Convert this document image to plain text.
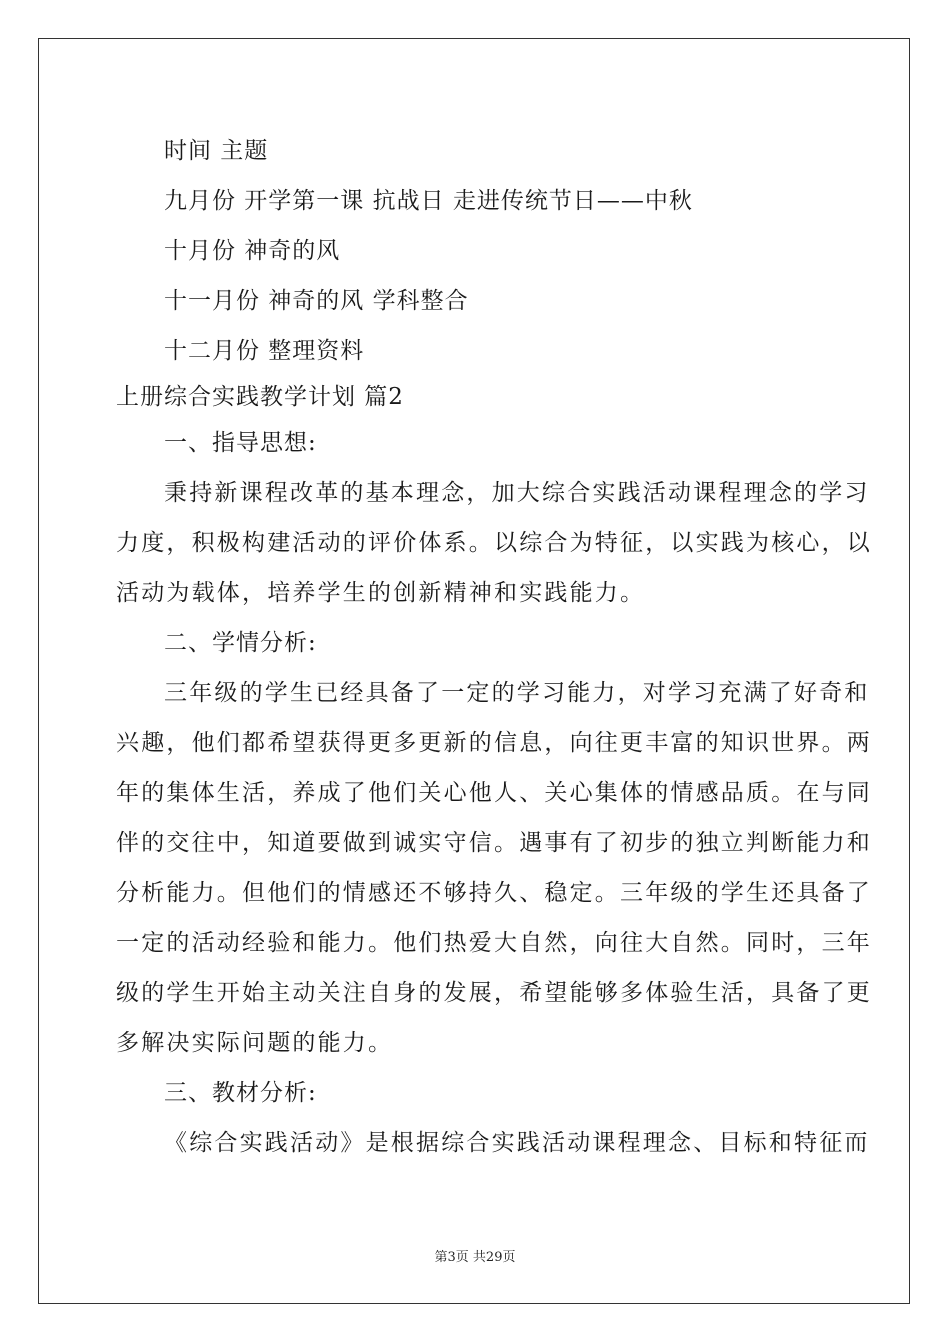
时间 主题
九月份 开学第一课 抗战日 走进传统节日——中秋
十月份 神奇的风
十一月份 神奇的风 学科整合
十二月份 整理资料
上册综合实践教学计划 篇2
一、指导思想:
秉持新课程改革的基本理念，加大综合实践活动课程理念的学习
力度，积极构建活动的评价体系。以综合为特征，以实践为核心，以
活动为载体，培养学生的创新精神和实践能力。
二、学情分析:
三年级的学生已经具备了一定的学习能力，对学习充满了好奇和
兴趣，他们都希望获得更多更新的信息，向往更丰富的知识世界。两
年的集体生活，养成了他们关心他人、关心集体的情感品质。在与同
伴的交往中，知道要做到诚实守信。遇事有了初步的独立判断能力和
分析能力。但他们的情感还不够持久、稳定。三年级的学生还具备了
一定的活动经验和能力。他们热爱大自然，向往大自然。同时，三年
级的学生开始主动关注自身的发展，希望能够多体验生活，具备了更
多解决实际问题的能力。
三、教材分析:
《综合实践活动》是根据综合实践活动课程理念、目标和特征而
第3页 共29页
